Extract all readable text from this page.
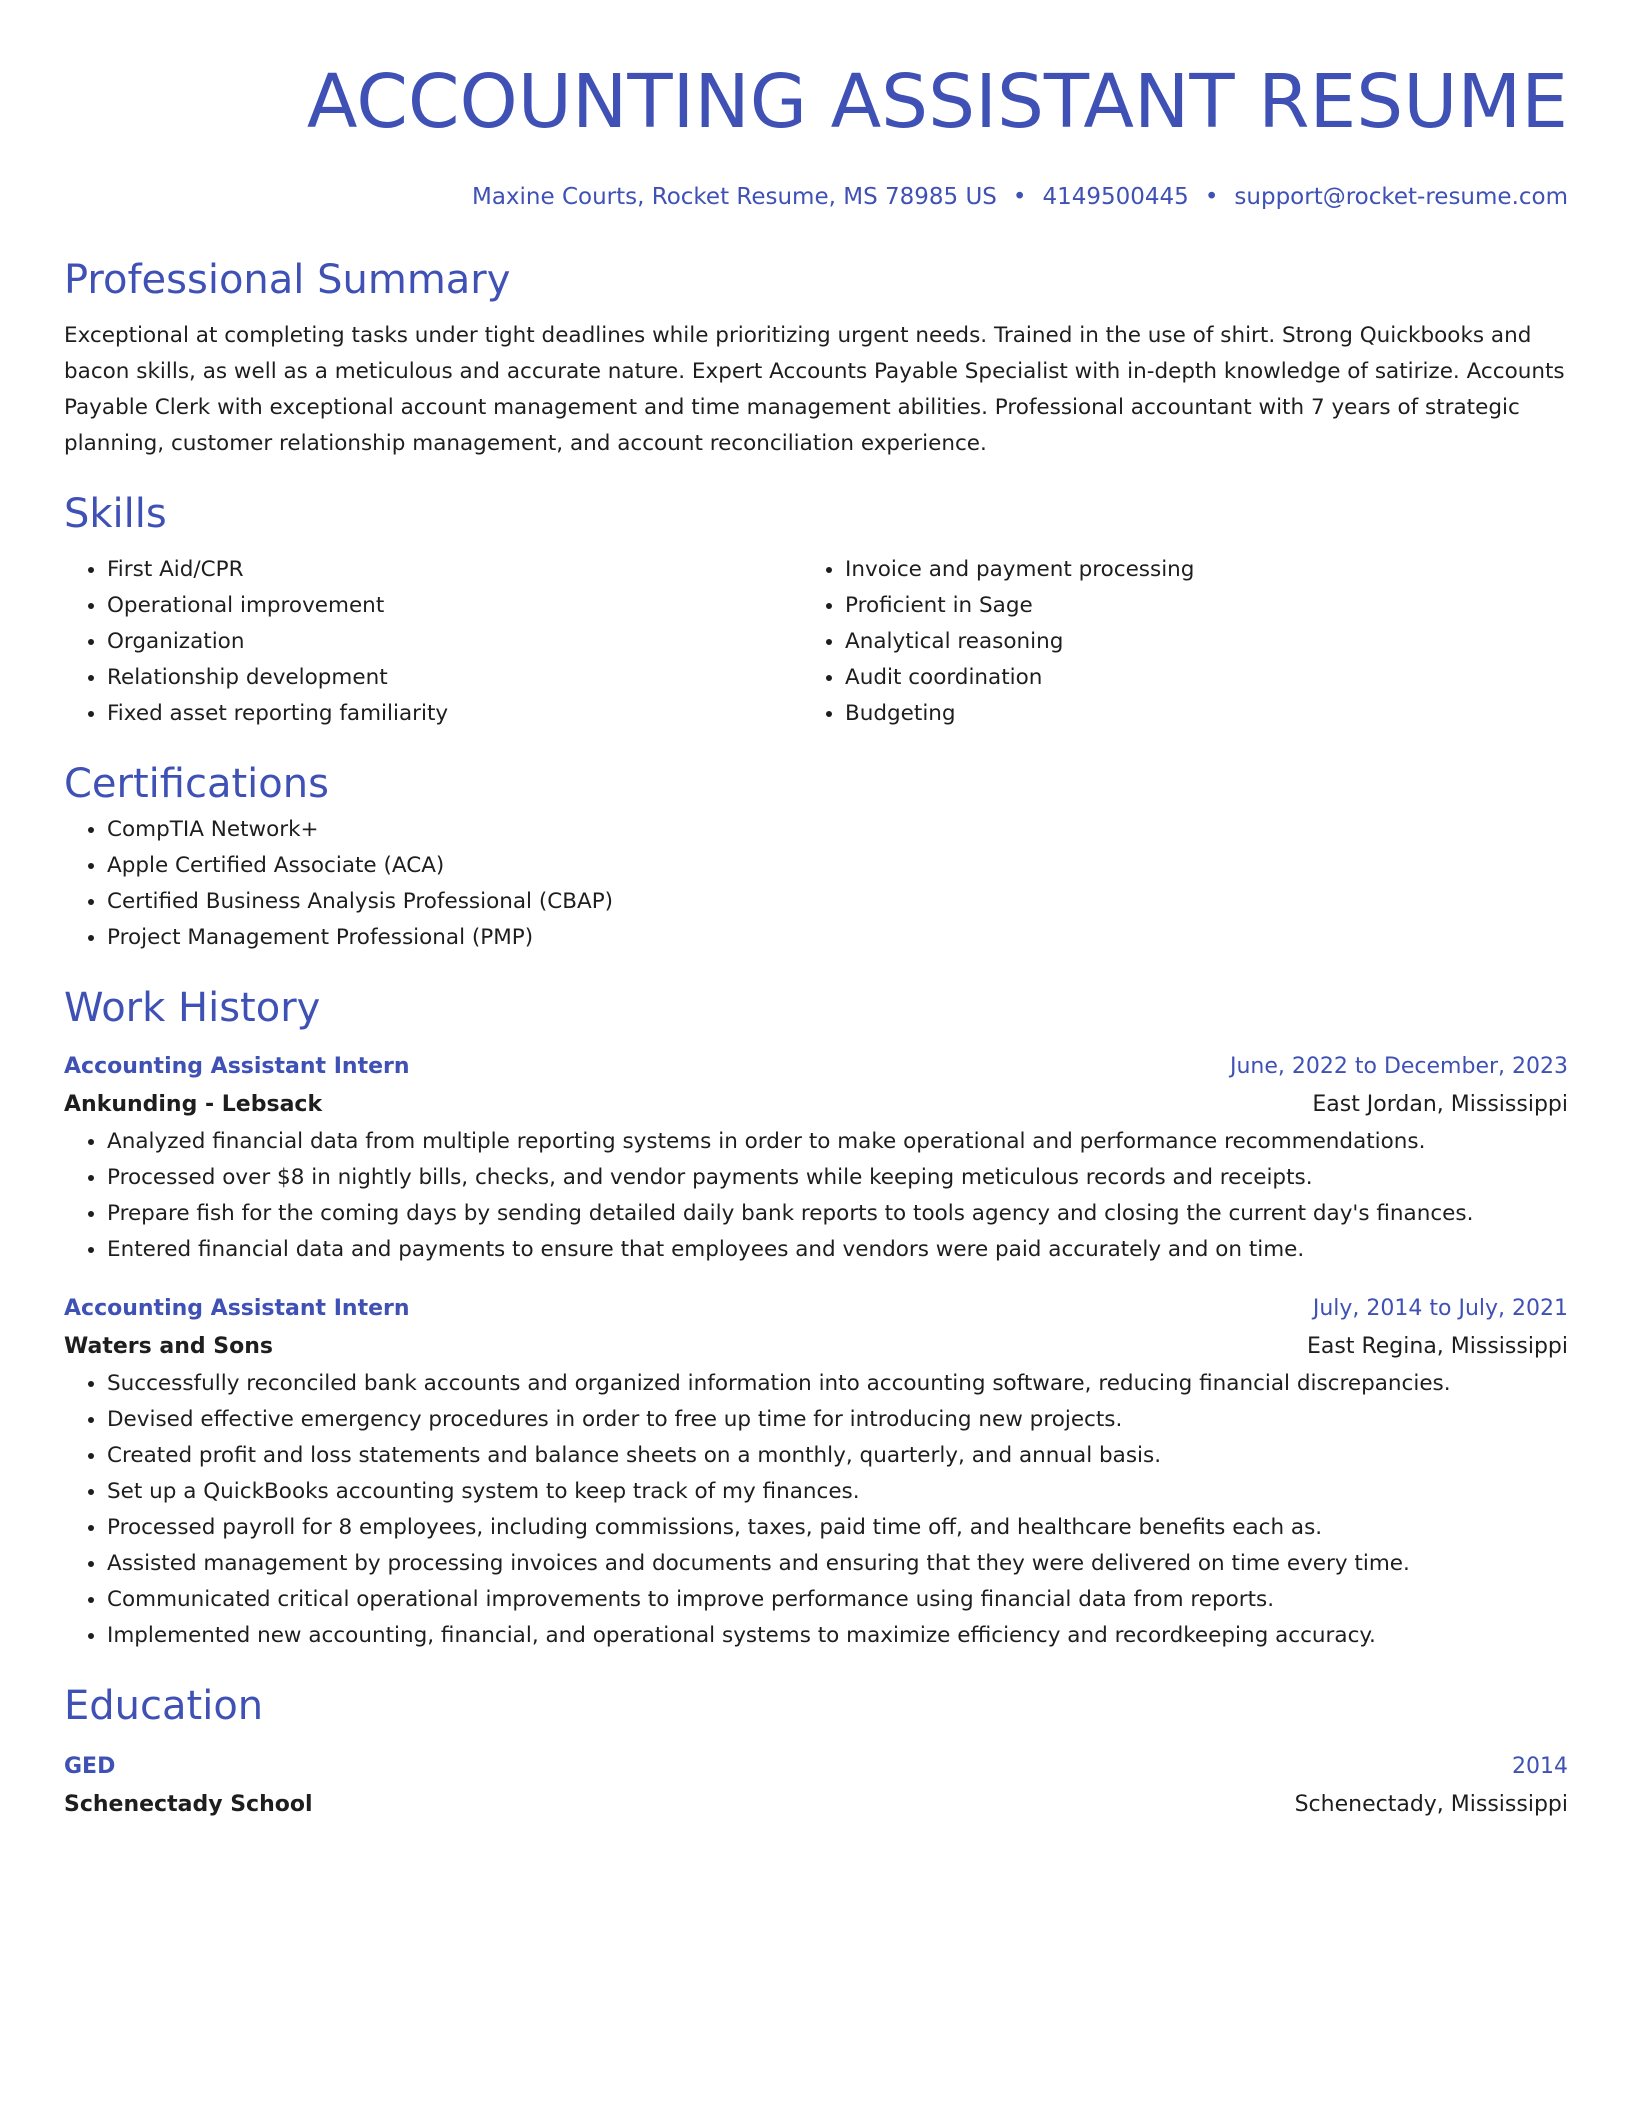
ACCOUNTING ASSISTANT RESUME
Maxine Courts, Rocket Resume, MS 78985 US • 4149500445 • support@rocket-resume.com
Professional Summary

Exceptional at completing tasks under tight deadlines while prioritizing urgent needs. Trained in the use of shirt. Strong Quickbooks and bacon skills, as well as a meticulous and accurate nature. Expert Accounts Payable Specialist with in-depth knowledge of satirize. Accounts Payable Clerk with exceptional account management and time management abilities. Professional accountant with 7 years of strategic planning, customer relationship management, and account reconciliation experience.

Skills
• First Aid/CPR
• Operational improvement
• Organization
• Relationship development
• Fixed asset reporting familiarity
• Invoice and payment processing
• Proficient in Sage
• Analytical reasoning
• Audit coordination
• Budgeting
Certifications
• CompTIA Network+
• Apple Certified Associate (ACA)
• Certified Business Analysis Professional (CBAP)
• Project Management Professional (PMP)
Work History
Accounting Assistant Intern	June, 2022 to December, 2023
Ankunding - Lebsack	East Jordan, Mississippi
• Analyzed financial data from multiple reporting systems in order to make operational and performance recommendations.
• Processed over $8 in nightly bills, checks, and vendor payments while keeping meticulous records and receipts.
• Prepare fish for the coming days by sending detailed daily bank reports to tools agency and closing the current day's finances.
• Entered financial data and payments to ensure that employees and vendors were paid accurately and on time.
Accounting Assistant Intern	July, 2014 to July, 2021
Waters and Sons	East Regina, Mississippi
• Successfully reconciled bank accounts and organized information into accounting software, reducing financial discrepancies.
• Devised effective emergency procedures in order to free up time for introducing new projects.
• Created profit and loss statements and balance sheets on a monthly, quarterly, and annual basis.
• Set up a QuickBooks accounting system to keep track of my finances.
• Processed payroll for 8 employees, including commissions, taxes, paid time off, and healthcare benefits each as.
• Assisted management by processing invoices and documents and ensuring that they were delivered on time every time.
• Communicated critical operational improvements to improve performance using financial data from reports.
• Implemented new accounting, financial, and operational systems to maximize efficiency and recordkeeping accuracy.
Education
GED	2014
Schenectady School	Schenectady, Mississippi
